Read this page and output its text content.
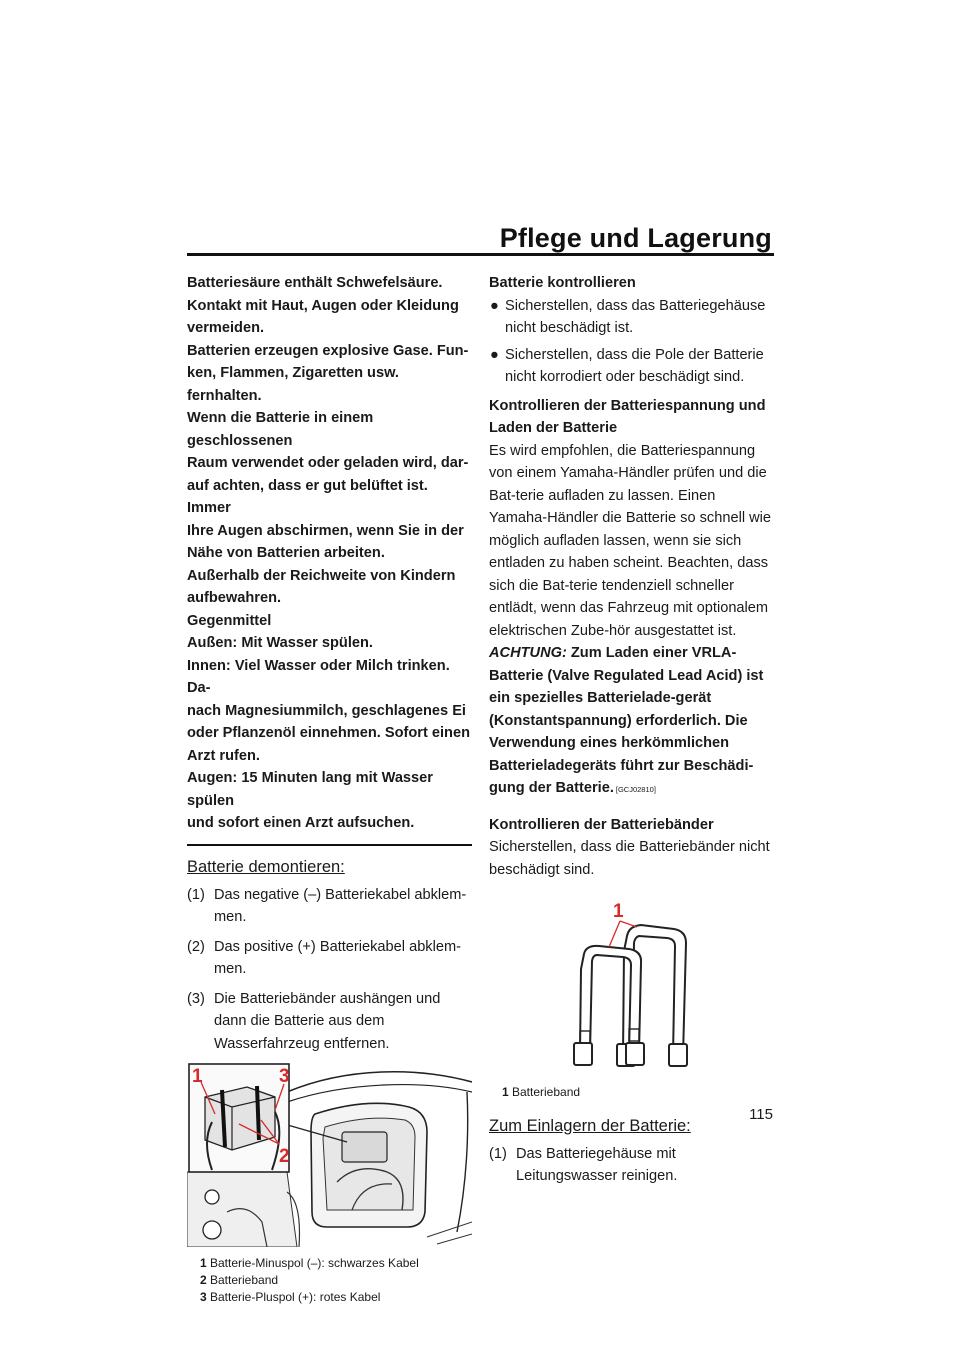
Pflege und Lagerung

Batteriesäure enthält Schwefelsäure.
Kontakt mit Haut, Augen oder Kleidung
vermeiden.
Batterien erzeugen explosive Gase. Fun-
ken, Flammen, Zigaretten usw. fernhalten.
Wenn die Batterie in einem geschlossenen
Raum verwendet oder geladen wird, dar-
auf achten, dass er gut belüftet ist. Immer
Ihre Augen abschirmen, wenn Sie in der
Nähe von Batterien arbeiten.
Außerhalb der Reichweite von Kindern
aufbewahren.
Gegenmittel
Außen: Mit Wasser spülen.
Innen: Viel Wasser oder Milch trinken. Da-
nach Magnesiummilch, geschlagenes Ei
oder Pflanzenöl einnehmen. Sofort einen
Arzt rufen.
Augen: 15 Minuten lang mit Wasser spülen
und sofort einen Arzt aufsuchen.

Batterie demontieren:
(1) Das negative (–) Batteriekabel abklem-men.
(2) Das positive (+) Batteriekabel abklem-men.
(3) Die Batteriebänder aushängen und dann die Batterie aus dem Wasserfahrzeug entfernen.
1	3
2
1 Batterie-Minuspol (–): schwarzes Kabel
2 Batterieband
3 Batterie-Pluspol (+): rotes Kabel

Batterie kontrollieren

● Sicherstellen, dass das Batteriegehäuse nicht beschädigt ist.
● Sicherstellen, dass die Pole der Batterie nicht korrodiert oder beschädigt sind.

Kontrollieren der Batteriespannung und Laden der Batterie

Es wird empfohlen, die Batteriespannung von einem Yamaha-Händler prüfen und die Bat-terie aufladen zu lassen. Einen Yamaha-Händler die Batterie so schnell wie möglich aufladen lassen, wenn sie sich entladen zu haben scheint. Beachten, dass sich die Bat-terie tendenziell schneller entlädt, wenn das Fahrzeug mit optionalem elektrischen Zube-hör ausgestattet ist. ACHTUNG: Zum Laden einer VRLA-Batterie (Valve Regulated Lead Acid) ist ein spezielles Batterielade-gerät (Konstantspannung) erforderlich. Die Verwendung eines herkömmlichen Batterieladegeräts führt zur Beschädi-gung der Batterie. [GCJ02810]

Kontrollieren der Batteriebänder

Sicherstellen, dass die Batteriebänder nicht beschädigt sind.

1
1 Batterieband
Zum Einlagern der Batterie:
(1) Das Batteriegehäuse mit Leitungswasser reinigen.
115
